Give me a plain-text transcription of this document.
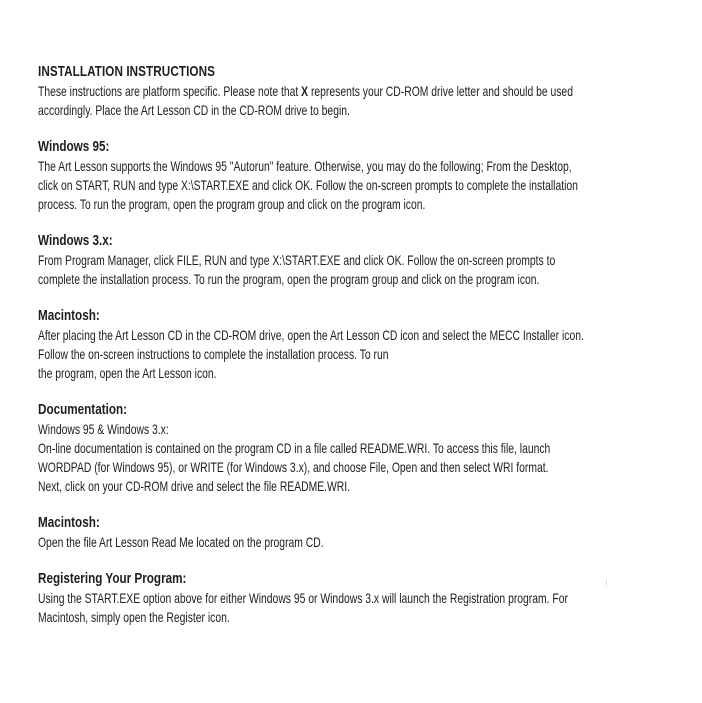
INSTALLATION INSTRUCTIONS
These instructions are platform specific. Please note that X represents your CD-ROM drive letter and should be used
accordingly. Place the Art Lesson CD in the CD-ROM drive to begin.
Windows 95:
The Art Lesson supports the Windows 95 "Autorun" feature. Otherwise, you may do the following; From the Desktop,
click on START, RUN and type X:\START.EXE and click OK. Follow the on-screen prompts to complete the installation
process. To run the program, open the program group and click on the program icon.
Windows 3.x:
From Program Manager, click FILE, RUN and type X:\START.EXE and click OK. Follow the on-screen prompts to
complete the installation process. To run the program, open the program group and click on the program icon.
Macintosh:
After placing the Art Lesson CD in the CD-ROM drive, open the Art Lesson CD icon and select the MECC Installer icon.
Follow the on-screen instructions to complete the installation process. To run
the program, open the Art Lesson icon.
Documentation:
Windows 95 & Windows 3.x:
On-line documentation is contained on the program CD in a file called README.WRI. To access this file, launch
WORDPAD (for Windows 95), or WRITE (for Windows 3.x), and choose File, Open and then select WRI format.
Next, click on your CD-ROM drive and select the file README.WRI.
Macintosh:
Open the file Art Lesson Read Me located on the program CD.
Registering Your Program:
Using the START.EXE option above for either Windows 95 or Windows 3.x will launch the Registration program. For
Macintosh, simply open the Register icon.
